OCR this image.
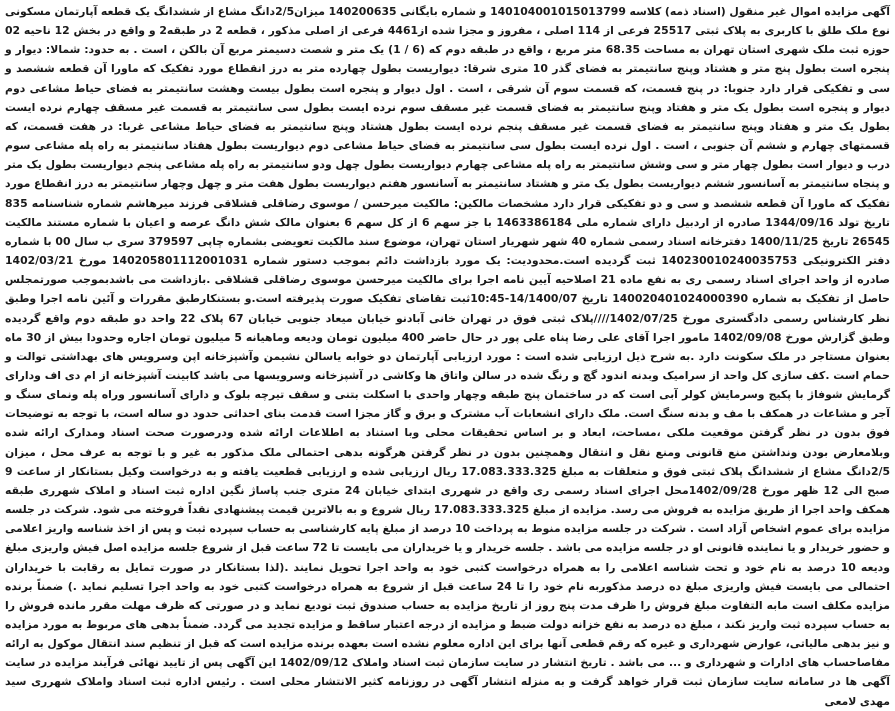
آگهی مزایده اموال غیر منقول (اسناد ذمه) کلاسه 140104001015013799 و شماره بایگانی 140200635 میزان2/5دانگ مشاع از ششدانگ یک قطعه آپارتمان مسکونی نوع ملک طلق با کاربری به پلاک ثبتی 25517 فرعی از 114 اصلی ، مفروز و مجزا شده از4461 فرعی از اصلی مذکور ، قطعه 2 در طبقه2 و واقع در بخش 12 ناحیه 02 حوزه ثبت ملک شهری استان تهران به مساحت 68.35 متر مربع ، واقع در طبقه دوم که (6 / 1) یک متر و شصت دسیمتر مربع آن بالکن ، است . به حدود: شمالا: دیوار و پنجره است بطول پنج متر و هشتاد وپنج سانتیمتر به فضای گذر 10 متری شرقا: دیواریست بطول چهارده متر به درز انقطاع مورد تفکیک که ماورا آن قطعه ششصد و سی و تفکیکی قرار دارد جنوبا: در پنج قسمت، که قسمت سوم آن شرقی ، است . اول دیوار و پنجره است بطول بیست وهشت سانتیمتر به فضای حیاط مشاعی دوم دیوار و پنجره است بطول یک متر و هفتاد وپنج سانتیمتر به فضای قسمت غیر مسقف سوم نرده ایست بطول سی سانتیمتر به قسمت غیر مسقف چهارم نرده ایست بطول یک متر و هفتاد وپنج سانتیمتر به فضای قسمت غیر مسقف پنجم نرده ایست بطول هشتاد وپنج سانتیمتر به فضای حیاط مشاعی غربا: در هفت قسمت، که قسمتهای چهارم و ششم آن جنوبی ، است . اول نرده ایست بطول سی سانتیمتر به فضای حیاط مشاعی دوم دیواریست بطول هفتاد سانتیمتر به راه پله مشاعی سوم درب و دیوار است بطول چهار متر و سی وشش سانتیمتر به راه پله مشاعی چهارم دیواریست بطول چهل ودو سانتیمتر به راه پله مشاعی پنجم دیواریست بطول یک متر و پنجاه سانتیمتر به آسانسور ششم دیواریست بطول یک متر و هشتاد سانتیمتر به آسانسور هفتم دیواریست بطول هفت متر و چهل وچهار سانتیمتر به درز انقطاع مورد تفکیک که ماورا آن قطعه ششصد و سی و دو تفکیکی قرار دارد مشخصات مالکین: مالکیت میرحسن / موسوی رضاقلی قشلاقی فرزند میرهاشم شماره شناسنامه 835 تاریخ تولد 1344/09/16 صادره از اردبیل دارای شماره ملی 1463386184 با جز سهم 6 از کل سهم 6 بعنوان مالک شش دانگ عرصه و اعیان با شماره مستند مالکیت 26545 تاریخ 1400/11/25 دفترخانه اسناد رسمی شماره 40 شهر شهریار استان تهران، موضوع سند مالکیت تعویضی بشماره چاپی 379597 سری ب سال 00 با شماره دفتر الکترونیکی 140230010240035753 ثبت گردیده است.محدودیت: یک مورد بازداشت دائم بموجب دستور شماره 140205801112001031 مورخ 1402/03/21 صادره از واحد اجرای اسناد رسمی ری به نفع ماده 21 اصلاحیه آیین نامه اجرا برای مالکیت میرحسن موسوی رضاقلی قشلاقی .بازداشت می باشدبموجب صورتمجلس حاصل از تفکیک به شماره 140020401024000390 تاریخ 14/1400/07-10:45ثبت تقاضای تفکیک صورت پذیرفته است.و بستنکارطبق مقررات و آئین نامه اجرا وطبق نظر کارشناس رسمی دادگستری مورخ 1402/07/25////پلاک ثبتی فوق در تهران خانی آبادنو خیابان میعاد جنوبی خیابان 67 پلاک 22 واحد دو طبقه دوم واقع گردیده وطبق گزارش مورخ 1402/09/08 مامور اجرا آقای علی رضا پناه علی پور در حال حاضر 400 میلیون تومان ودیعه وماهیانه 5 میلیون تومان اجاره وحدودا بیش از 30 ماه بعنوان مستاجر در ملک سکونت دارد .به شرح ذیل ارزیابی شده است : مورد ارزیابی آپارتمان دو خوابه یاسالن نشیمن وآشپزخانه اپن وسرویس های بهداشتی توالت و حمام است .کف سازی کل واحد از سرامیک وبدنه اندود گچ و رنگ شده در سالن واتاق ها وکاشی در آشپزخانه وسرویسها می باشد کابینت آشپزخانه از ام دی اف ودارای گرمایش شوفاژ با پکیج وسرمایش کولر آبی است که در ساختمان پنج طبقه وچهار واحدی با اسکلت بتنی و سقف تیرچه بلوک و دارای آسانسور وراه پله ونمای سنگ و آجر و مشاعات در همکف با مف و بدنه سنگ است. ملک دارای انشعابات آب مشترک و برق و گاز مجزا است قدمت بنای احداثی حدود دو ساله است، با توجه به توضیحات فوق بدون در نظر گرفتن موقعیت ملکی ،مساحت، ابعاد و بر اساس تحقیقات محلی وبا استناد به اطلاعات ارائه شده ودرصورت صحت اسناد ومدارک ارائه شده وبلامعارض بودن ونداشتن منع قانونی ومنع نقل و انتقال وهمچنین بدون در نظر گرفتن هرگونه بدهی احتمالی ملک مذکور به غیر و با توجه به عرف محل ، میزان 2/5دانگ مشاع از ششدانگ پلاک ثبتی فوق و متعلقات به مبلغ 17.083.333.325 ریال ارزیابی شده و ارزیابی قطعیت یافته و به درخواست وکیل بستانکار از ساعت 9 صبح الی 12 ظهر مورخ 1402/09/28محل اجرای اسناد رسمی ری واقع در شهرری ابتدای خیابان 24 متری جنب پاساژ نگین اداره ثبت اسناد و املاک شهرری طبقه همکف واحد اجرا از طریق مزایده به فروش می رسد. مزایده از مبلغ 17.083.333.325 ریال شروع و به بالاترین قیمت پیشنهادی نقداً فروخته می شود. شرکت در جلسه مزایده برای عموم اشخاص آزاد است . شرکت در جلسه مزایده منوط به پرداخت 10 درصد از مبلغ پایه کارشناسی به حساب سپرده ثبت و پس از اخذ شناسه واریز اعلامی و حضور خریدار و یا نماینده قانونی او در جلسه مزایده می باشد . جلسه خریدار و یا خریداران می بایست تا 72 ساعت قبل از شروع جلسه مزایده اصل فیش واریزی مبلغ ودیعه 10 درصد به نام خود و تحت شناسه اعلامی را به همراه درخواست کتبی خود به واحد اجرا تحویل نمایند .(لذا بستانکار در صورت تمایل به رقابت با خریداران احتمالی می بایست فیش واریزی مبلغ ده درصد مذکوربه نام خود را تا 24 ساعت قبل از شروع به همراه درخواست کتبی خود به واحد اجرا تسلیم نماید .) ضمناً برنده مزایده مکلف است مابه التفاوت مبلغ فروش را ظرف مدت پنج روز از تاریخ مزایده به حساب صندوق ثبت تودیع نماید و در صورتی که ظرف مهلت مقرر مانده فروش را به حساب سپرده ثبت واریز نکند ، مبلغ ده درصد به نفع خزانه دولت ضبط و مزایده از درجه اعتبار ساقط و مزایده تجدید می گردد. ضمناً بدهی های مربوط به مورد مزایده و نیز بدهی مالیاتی، عوارض شهرداری و غیره که رقم قطعی آنها برای این اداره معلوم نشده است بعهده برنده مزایده است که قبل از تنظیم سند انتقال موکول به ارائه مفاصاحساب های ادارات و شهرداری و ... می باشد . تاریخ انتشار در سایت سازمان ثبت اسناد واملاک 1402/09/12 این آگهی پس از تایید نهائی فرآیند مزایده در سایت آگهی ها در سامانه سایت سازمان ثبت قرار خواهد گرفت و به منزله انتشار آگهی در روزنامه کثیر الانتشار محلی است . رئیس اداره ثبت اسناد واملاک شهرری سید مهدی لامعی
